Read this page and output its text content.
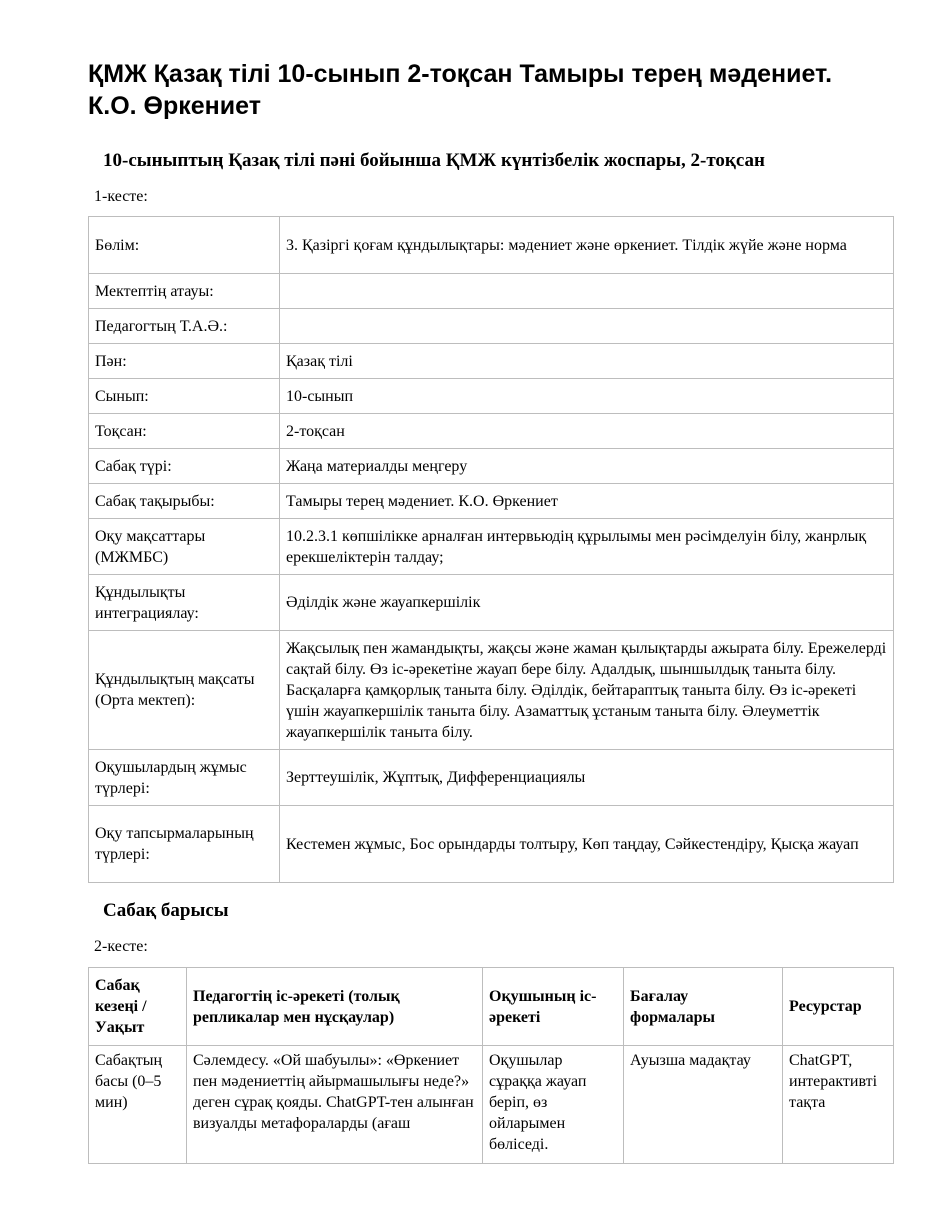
ҚМЖ Қазақ тілі 10-сынып 2-тоқсан Тамыры терең мәдениет. К.О. Өркениет
10-сыныптың Қазақ тілі пәні бойынша ҚМЖ күнтізбелік жоспары, 2-тоқсан

1-кесте:

Бөлім:	3. Қазіргі қоғам құндылықтары: мәдениет және өркениет. Тілдік жүйе және норма
Мектептің атауы:	
Педагогтың Т.А.Ә.:	
Пән:	Қазақ тілі
Сынып:	10-сынып
Тоқсан:	2-тоқсан
Сабақ түрі:	Жаңа материалды меңгеру
Сабақ тақырыбы:	Тамыры терең мәдениет. К.О. Өркениет
Оқу мақсаттары (МЖМБС)	10.2.3.1 көпшілікке арналған интервьюдің құрылымы мен рәсімделуін білу, жанрлық ерекшеліктерін талдау;
Құндылықты интеграциялау:	Әділдік және жауапкершілік
Құндылықтың мақсаты (Орта мектеп):	Жақсылық пен жамандықты, жақсы және жаман қылықтарды ажырата білу. Ережелерді сақтай білу. Өз іс-әрекетіне жауап бере білу. Адалдық, шыншылдық таныта білу. Басқаларға қамқорлық таныта білу. Әділдік, бейтараптық таныта білу. Өз іс-әрекеті үшін жауапкершілік таныта білу. Азаматтық ұстаным таныта білу. Әлеуметтік жауапкершілік таныта білу.
Оқушылардың жұмыс түрлері:	Зерттеушілік, Жұптық, Дифференциациялы
Оқу тапсырмаларының түрлері:	Кестемен жұмыс, Бос орындарды толтыру, Көп таңдау, Сәйкестендіру, Қысқа жауап
Сабақ барысы

2-кесте:

Сабақ кезеңі / Уақыт	Педагогтің іс-әрекеті (толық репликалар мен нұсқаулар)	Оқушының іс-әрекеті	Бағалау формалары	Ресурстар
Сабақтың басы (0–5 мин)	Сәлемдесу. «Ой шабуылы»: «Өркениет пен мәдениеттің айырмашылығы неде?» деген сұрақ қояды. ChatGPT-тен алынған визуалды метафораларды (ағаш	Оқушылар сұраққа жауап беріп, өз ойларымен бөліседі.	Ауызша мадақтау	ChatGPT, интерактивті тақта
